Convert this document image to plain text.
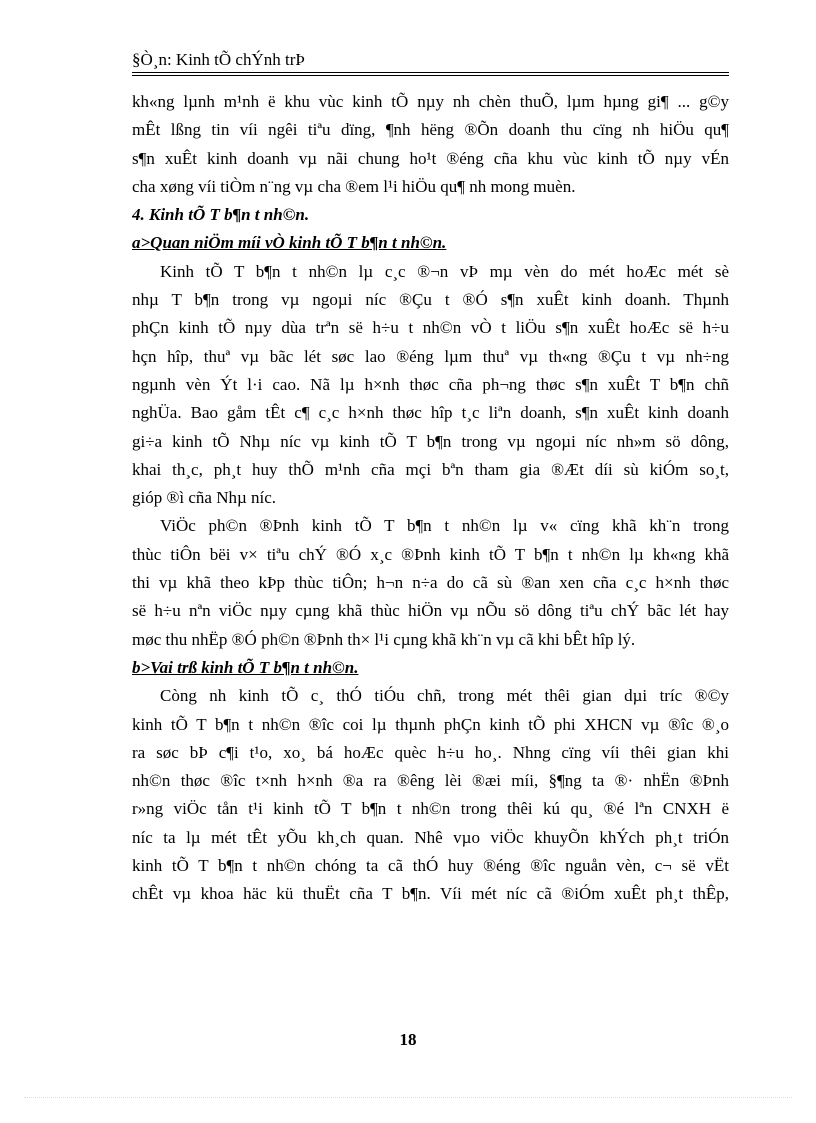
§Ò¸n: Kinh tÕ chÝnh trÞ
kh«ng lµnh m¹nh ë khu vùc kinh tÕ nµy nh chèn thuÕ, lµm hµng gi¶ ... g©y
mÊt lßng tin víi ngêi tiªu dïng, ¶nh hëng ®Õn doanh thu cïng nh hiÖu qu¶
s¶n xuÊt kinh doanh vµ nãi chung ho¹t ®éng cña khu vùc kinh tÕ nµy vÉn
cha xøng víi tiÒm n¨ng vµ cha ®em l¹i hiÖu qu¶ nh mong muèn.
4. Kinh tÕ T b¶n t nh©n.
a>Quan niÖm míi vÒ kinh tÕ T b¶n t nh©n.
Kinh tÕ T b¶n t nh©n lµ c¸c ®¬n vÞ mµ vèn do mét hoÆc mét sè
nhµ T b¶n trong vµ ngoµi níc ®Çu t ®Ó s¶n xuÊt kinh doanh. Thµnh
phÇn kinh tÕ nµy dùa trªn së h÷u t nh©n vÒ t liÖu s¶n xuÊt hoÆc së h÷u
hçn hîp, thuª vµ bãc lét søc lao ®éng lµm thuª vµ th«ng ®Çu t vµ nh÷ng
ngµnh vèn Ýt l·i cao. Nã lµ h×nh thøc cña ph¬ng thøc s¶n xuÊt T b¶n chñ
nghÜa. Bao gåm tÊt c¶ c¸c h×nh thøc hîp t¸c liªn doanh, s¶n xuÊt kinh doanh
gi÷a kinh tÕ Nhµ níc vµ kinh tÕ T b¶n trong vµ ngoµi níc nh»m sö dông,
khai th¸c, ph¸t huy thÕ m¹nh cña mçi bªn tham gia ®Æt díi sù kiÓm so¸t,
gióp ®ì cña Nhµ níc.
ViÖc ph©n ®Þnh kinh tÕ T b¶n t nh©n lµ v« cïng khã kh¨n trong
thùc tiÔn bëi v× tiªu chÝ ®Ó x¸c ®Þnh kinh tÕ T b¶n t nh©n lµ kh«ng khã
thi vµ khã theo kÞp thùc tiÔn; h¬n n÷a do cã sù ®an xen cña c¸c h×nh thøc
së h÷u nªn viÖc nµy cµng khã thùc hiÖn vµ nÕu sö dông tiªu chÝ bãc lét hay
møc thu nhËp ®Ó ph©n ®Þnh th× l¹i cµng khã kh¨n vµ cã khi bÊt hîp lý.
b>Vai trß kinh tÕ T b¶n t nh©n.
Còng nh kinh tÕ c¸ thÓ tiÓu chñ, trong mét thêi gian dµi tríc ®©y
kinh tÕ T b¶n t nh©n ®îc coi lµ thµnh phÇn kinh tÕ phi XHCN vµ ®îc ®¸o
ra søc bÞ c¶i t¹o, xo¸ bá hoÆc quèc h÷u ho¸. Nhng cïng víi thêi gian khi
nh©n thøc ®îc t×nh h×nh ®a ra ®êng lèi ®æi míi, §¶ng ta ®· nhËn ®Þnh
r»ng viÖc tån t¹i kinh tÕ T b¶n t nh©n trong thêi kú qu¸ ®é lªn CNXH ë
níc ta lµ mét tÊt yÕu kh¸ch quan. Nhê vµo viÖc khuyÕn khÝch ph¸t triÓn
kinh tÕ T b¶n t nh©n chóng ta cã thÓ huy ®éng ®îc nguån vèn, c¬ së vËt
chÊt vµ khoa häc kü thuËt cña T b¶n. Víi mét níc cã ®iÓm xuÊt ph¸t thÊp,
18
